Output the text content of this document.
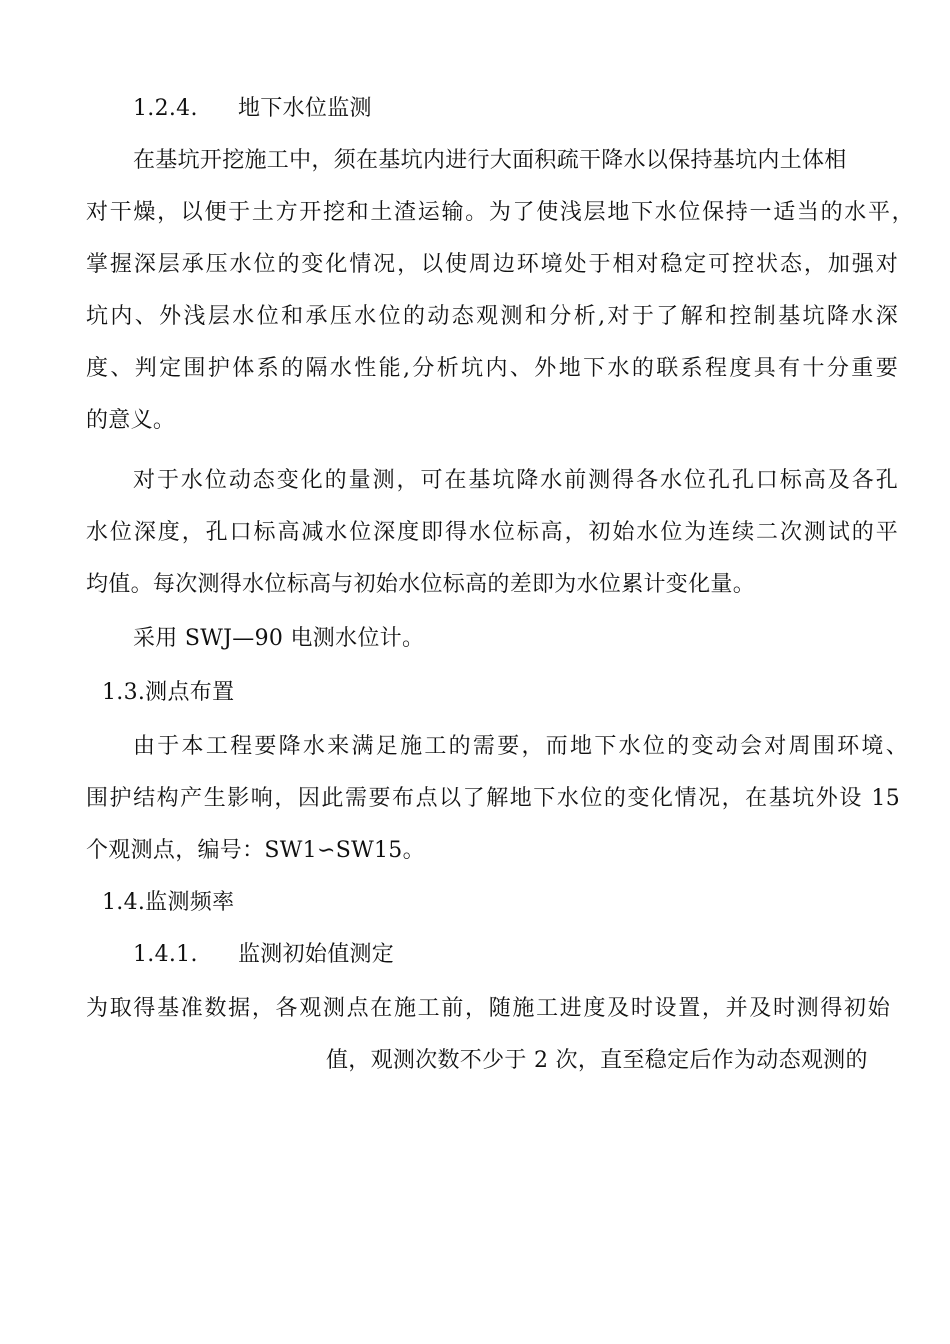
1.2.4. 地下水位监测
在基坑开挖施工中，须在基坑内进行大面积疏干降水以保持基坑内土体相
对干燥，以便于土方开挖和土渣运输。为了使浅层地下水位保持一适当的水平，
掌握深层承压水位的变化情况，以使周边环境处于相对稳定可控状态，加强对
坑内、外浅层水位和承压水位的动态观测和分析,对于了解和控制基坑降水深
度、判定围护体系的隔水性能,分析坑内、外地下水的联系程度具有十分重要
的意义。
对于水位动态变化的量测，可在基坑降水前测得各水位孔孔口标高及各孔
水位深度，孔口标高减水位深度即得水位标高，初始水位为连续二次测试的平
均值。每次测得水位标高与初始水位标高的差即为水位累计变化量。
采用 SWJ—90 电测水位计。
1.3.测点布置
由于本工程要降水来满足施工的需要，而地下水位的变动会对周围环境、
围护结构产生影响，因此需要布点以了解地下水位的变化情况，在基坑外设 15
个观测点，编号：SW1∽SW15。
1.4.监测频率
1.4.1. 监测初始值测定
为取得基准数据，各观测点在施工前，随施工进度及时设置，并及时测得初始
值，观测次数不少于 2 次，直至稳定后作为动态观测的
